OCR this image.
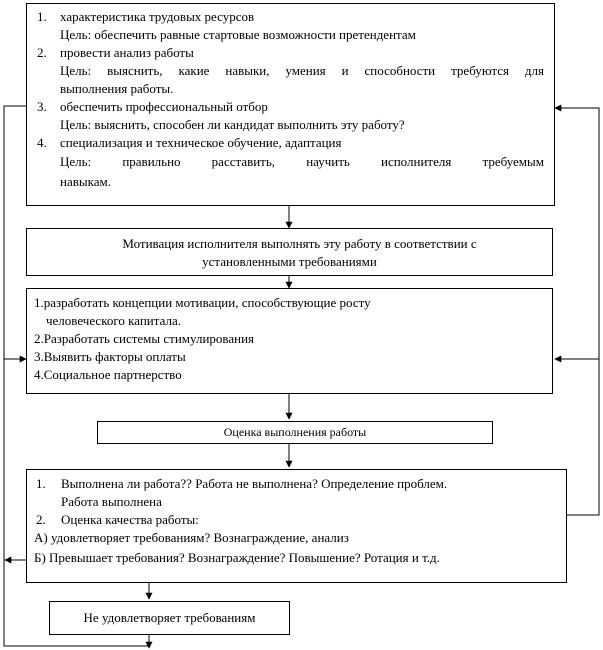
1. характеристика трудовых ресурсов
Цель: обеспечить равные стартовые возможности претендентам
2. провести анализ работы
Цель: выяснить, какие навыки, умения и способности требуются для
выполнения работы.
3. обеспечить профессиональный отбор
Цель: выяснить, способен ли кандидат выполнить эту работу?
4. специализация и техническое обучение, адаптация
Цель: правильно расставить, научить исполнителя требуемым
навыкам.
Мотивация исполнителя выполнять эту работу в соответствии с
установленными требованиями
1.разработать концепции мотивации, способствующие росту
человеческого капитала.
2.Разработать системы стимулирования
3.Выявить факторы оплаты
4.Социальное партнерство
Оценка выполнения работы
1. Выполнена ли работа?? Работа не выполнена? Определение проблем.
Работа выполнена
2. Оценка качества работы:
А) удовлетворяет требованиям? Вознаграждение, анализ
Б) Превышает требования? Вознаграждение? Повышение? Ротация и т.д.
Не удовлетворяет требованиям
